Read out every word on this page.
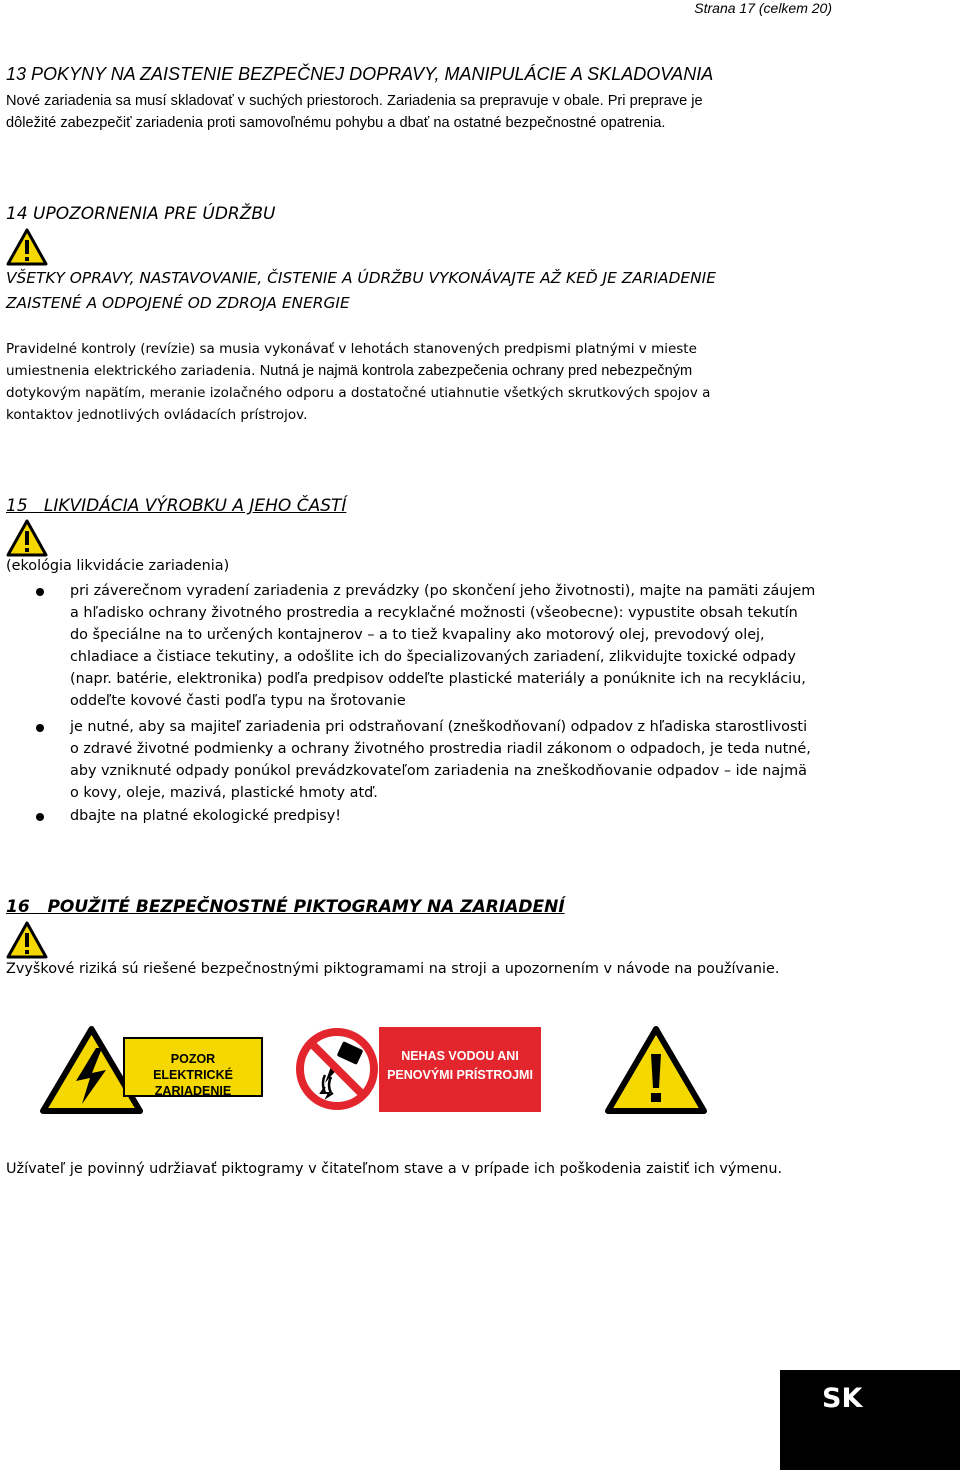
Strana 17 (celkem 20)
13 POKYNY NA ZAISTENIE BEZPEČNEJ DOPRAVY, MANIPULÁCIE A SKLADOVANIA
Nové zariadenia sa musí skladovať v suchých priestoroch. Zariadenia sa prepravuje v obale. Pri preprave je
dôležité zabezpečiť zariadenia proti samovoľnému pohybu a dbať na ostatné bezpečnostné opatrenia.
14 UPOZORNENIA PRE ÚDRŽBU
VŠETKY OPRAVY, NASTAVOVANIE, ČISTENIE A ÚDRŽBU VYKONÁVAJTE AŽ KEĎ JE ZARIADENIE
ZAISTENÉ A ODPOJENÉ OD ZDROJA ENERGIE
Pravidelné kontroly (revízie) sa musia vykonávať v lehotách stanovených predpismi platnými v mieste
umiestnenia elektrického zariadenia. Nutná je najmä kontrola zabezpečenia ochrany pred nebezpečným
dotykovým napätím, meranie izolačného odporu a dostatočné utiahnutie všetkých skrutkových spojov a
kontaktov jednotlivých ovládacích prístrojov.
15 LIKVIDÁCIA VÝROBKU A JEHO ČASTÍ
(ekológia likvidácie zariadenia)
pri záverečnom vyradení zariadenia z prevádzky (po skončení jeho životnosti), majte na pamäti záujem
a hľadisko ochrany životného prostredia a recyklačné možnosti (všeobecne): vypustite obsah tekutín
do špeciálne na to určených kontajnerov – a to tiež kvapaliny ako motorový olej, prevodový olej,
chladiace a čistiace tekutiny, a odošlite ich do špecializovaných zariadení, zlikvidujte toxické odpady
(napr. batérie, elektronika) podľa predpisov oddeľte plastické materiály a ponúknite ich na recykláciu,
oddeľte kovové časti podľa typu na šrotovanie
je nutné, aby sa majiteľ zariadenia pri odstraňovaní (zneškodňovaní) odpadov z hľadiska starostlivosti
o zdravé životné podmienky a ochrany životného prostredia riadil zákonom o odpadoch, je teda nutné,
aby vzniknuté odpady ponúkol prevádzkovateľom zariadenia na zneškodňovanie odpadov – ide najmä
o kovy, oleje, mazivá, plastické hmoty atď.
dbajte na platné ekologické predpisy!
16 POUŽITÉ BEZPEČNOSTNÉ PIKTOGRAMY NA ZARIADENÍ
Zvyškové riziká sú riešené bezpečnostnými piktogramami na stroji a upozornením v návode na používanie.
POZOR
ELEKTRICKÉ ZARIADENIE
NEHAS VODOU ANI
PENOVÝMI PRÍSTROJMI
Užívateľ je povinný udržiavať piktogramy v čitateľnom stave a v prípade ich poškodenia zaistiť ich výmenu.
SK
